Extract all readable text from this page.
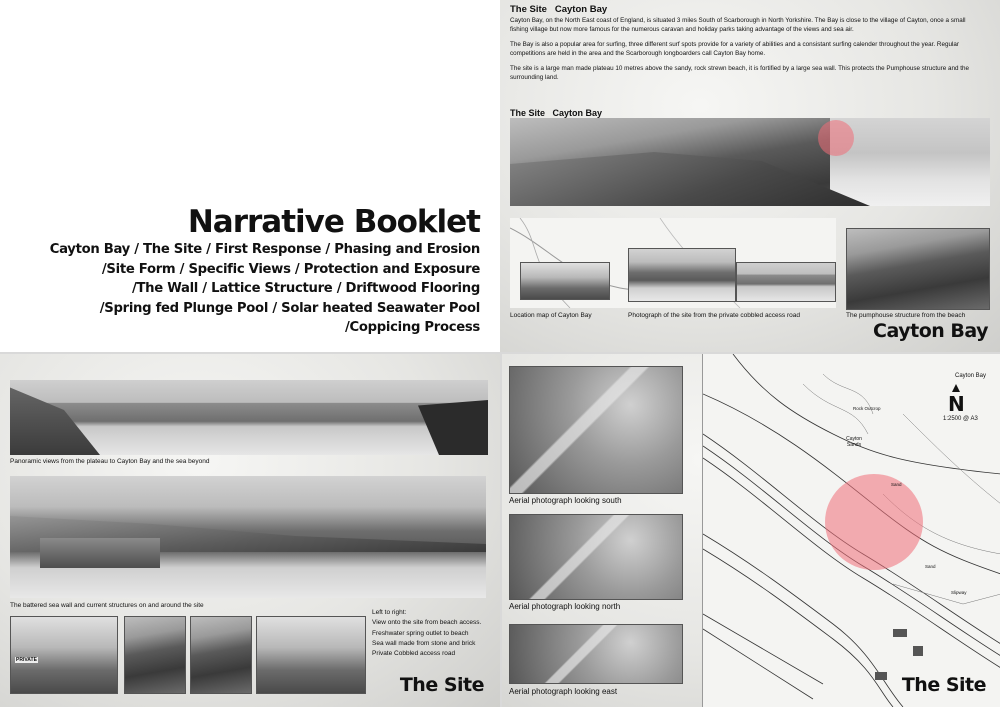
Narrative Booklet
Cayton Bay / The Site / First Response / Phasing and Erosion
/Site Form / Specific Views / Protection and Exposure
/The Wall / Lattice Structure / Driftwood Flooring
/Spring fed Plunge Pool / Solar heated Seawater Pool
/Coppicing Process
The Site   Cayton Bay

Cayton Bay, on the North East coast of England, is situated 3 miles South of Scarborough in North Yorkshire. The Bay is close to the village of Cayton, once a small fishing village but now more famous for the numerous caravan and holiday parks taking advantage of the views and sea air.

The Bay is also a popular area for surfing, three different surf spots provide for a variety of abilities and a consistant surfing calender throughout the year. Regular competitions are held in the area and the Scarborough longboarders call Cayton Bay home.

The site is a large man made plateau 10 metres above the sandy, rock strewn beach, it is fortified by a large sea wall. This protects the Pumphouse structure and the surrounding land.

The Site   Cayton Bay
Location map of Cayton Bay	Photograph of the site from the private cobbled access road	The pumphouse structure from the beach
Cayton Bay
Panoramic views from the plateau to Cayton Bay and the sea beyond
The battered sea wall and current structures on and around the site
PRIVATE
Left to right:
View onto the site from beach access.
Freshwater spring outlet to beach
Sea wall made from stone and brick
Private Cobbled access road
The Site
Aerial photograph looking south
Aerial photograph looking north
Aerial photograph looking east
Cayton Bay
N
1:2500 @ A3
Cayton Sands
Rock Outcrop
Sand
Sand
Slipway
The Site
